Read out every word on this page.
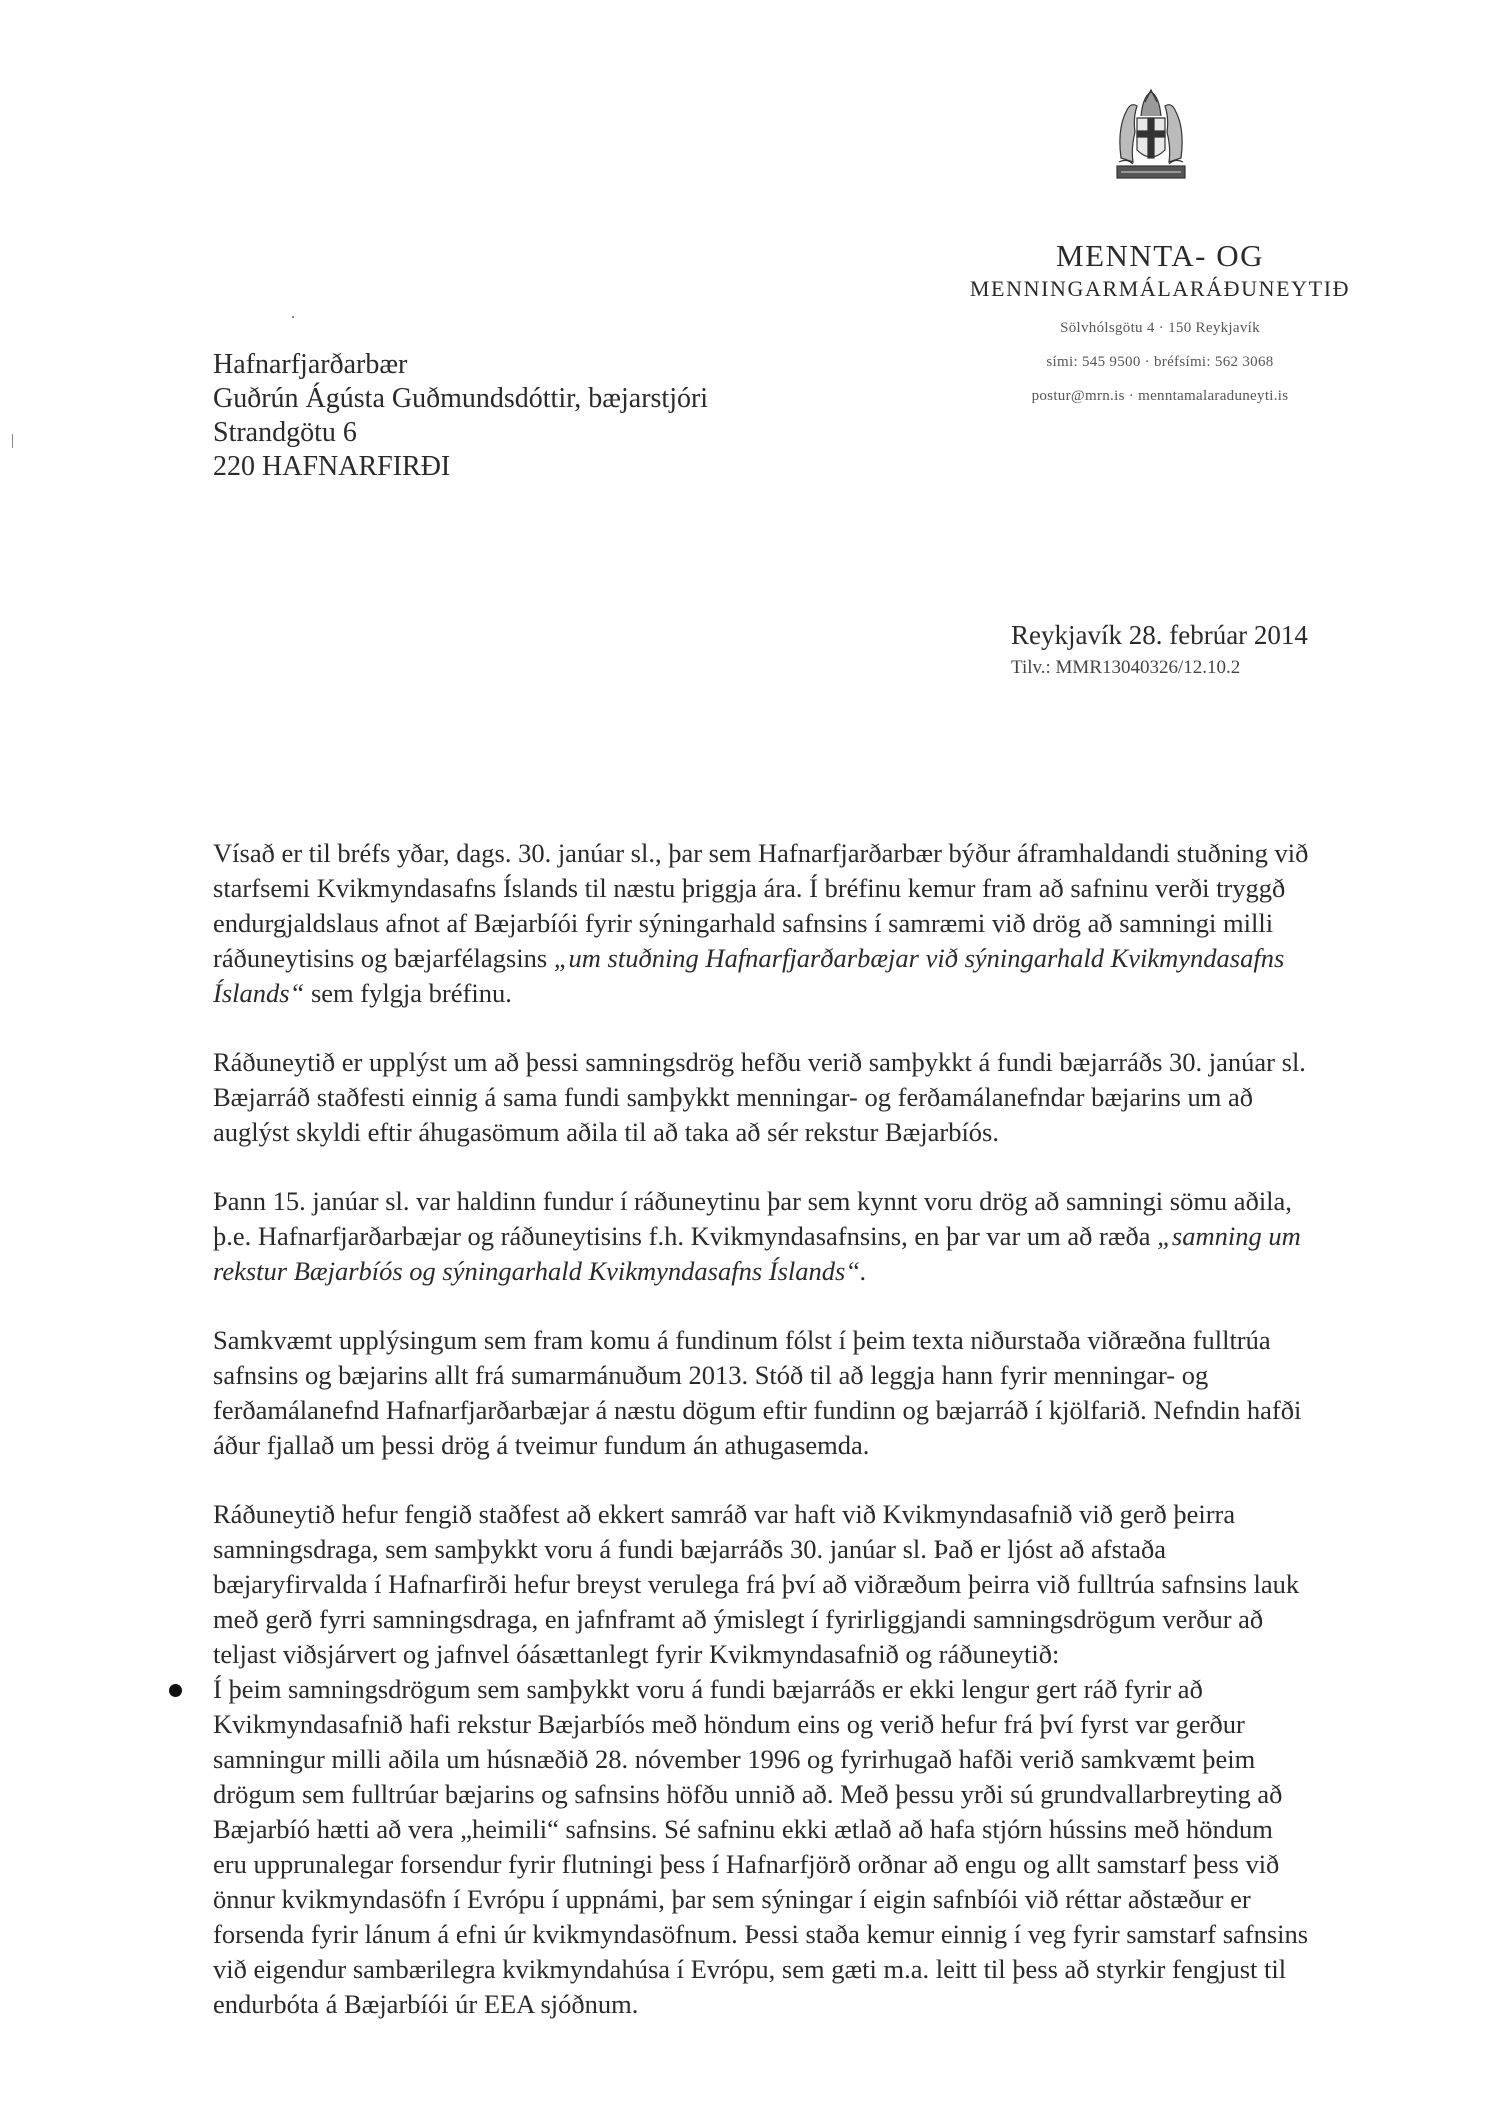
MENNTA- OG
MENNINGARMÁLARÁÐUNEYTIÐ
Sölvhólsgötu 4 · 150 Reykjavík
sími: 545 9500 · bréfsími: 562 3068
postur@mrn.is · menntamalaraduneyti.is
Hafnarfjarðarbær
Guðrún Ágústa Guðmundsdóttir, bæjarstjóri
Strandgötu 6
220 HAFNARFIRÐI
Reykjavík 28. febrúar 2014
Tilv.: MMR13040326/12.10.2

Vísað er til bréfs yðar, dags. 30. janúar sl., þar sem Hafnarfjarðarbær býður áframhaldandi stuðning við starfsemi Kvikmyndasafns Íslands til næstu þriggja ára. Í bréfinu kemur fram að safninu verði tryggð endurgjaldslaus afnot af Bæjarbíói fyrir sýningarhald safnsins í samræmi við drög að samningi milli ráðuneytisins og bæjarfélagsins „um stuðning Hafnarfjarðarbæjar við sýningarhald Kvikmyndasafns Íslands“ sem fylgja bréfinu.

Ráðuneytið er upplýst um að þessi samningsdrög hefðu verið samþykkt á fundi bæjarráðs 30. janúar sl. Bæjarráð staðfesti einnig á sama fundi samþykkt menningar- og ferðamálanefndar bæjarins um að auglýst skyldi eftir áhugasömum aðila til að taka að sér rekstur Bæjarbíós.

Þann 15. janúar sl. var haldinn fundur í ráðuneytinu þar sem kynnt voru drög að samningi sömu aðila, þ.e. Hafnarfjarðarbæjar og ráðuneytisins f.h. Kvikmyndasafnsins, en þar var um að ræða „samning um rekstur Bæjarbíós og sýningarhald Kvikmyndasafns Íslands“.

Samkvæmt upplýsingum sem fram komu á fundinum fólst í þeim texta niðurstaða viðræðna fulltrúa safnsins og bæjarins allt frá sumarmánuðum 2013. Stóð til að leggja hann fyrir menningar- og ferðamálanefnd Hafnarfjarðarbæjar á næstu dögum eftir fundinn og bæjarráð í kjölfarið. Nefndin hafði áður fjallað um þessi drög á tveimur fundum án athugasemda.

Ráðuneytið hefur fengið staðfest að ekkert samráð var haft við Kvikmyndasafnið við gerð þeirra samningsdraga, sem samþykkt voru á fundi bæjarráðs 30. janúar sl. Það er ljóst að afstaða bæjaryfirvalda í Hafnarfirði hefur breyst verulega frá því að viðræðum þeirra við fulltrúa safnsins lauk með gerð fyrri samningsdraga, en jafnframt að ýmislegt í fyrirliggjandi samningsdrögum verður að teljast viðsjárvert og jafnvel óásættanlegt fyrir Kvikmyndasafnið og ráðuneytið:

Í þeim samningsdrögum sem samþykkt voru á fundi bæjarráðs er ekki lengur gert ráð fyrir að Kvikmyndasafnið hafi rekstur Bæjarbíós með höndum eins og verið hefur frá því fyrst var gerður samningur milli aðila um húsnæðið 28. nóvember 1996 og fyrirhugað hafði verið samkvæmt þeim drögum sem fulltrúar bæjarins og safnsins höfðu unnið að. Með þessu yrði sú grundvallarbreyting að Bæjarbíó hætti að vera „heimili“ safnsins. Sé safninu ekki ætlað að hafa stjórn hússins með höndum eru upprunalegar forsendur fyrir flutningi þess í Hafnarfjörð orðnar að engu og allt samstarf þess við önnur kvikmyndasöfn í Evrópu í uppnámi, þar sem sýningar í eigin safnbíói við réttar aðstæður er forsenda fyrir lánum á efni úr kvikmyndasöfnum. Þessi staða kemur einnig í veg fyrir samstarf safnsins við eigendur sambærilegra kvikmyndahúsa í Evrópu, sem gæti m.a. leitt til þess að styrkir fengjust til endurbóta á Bæjarbíói úr EEA sjóðnum.
